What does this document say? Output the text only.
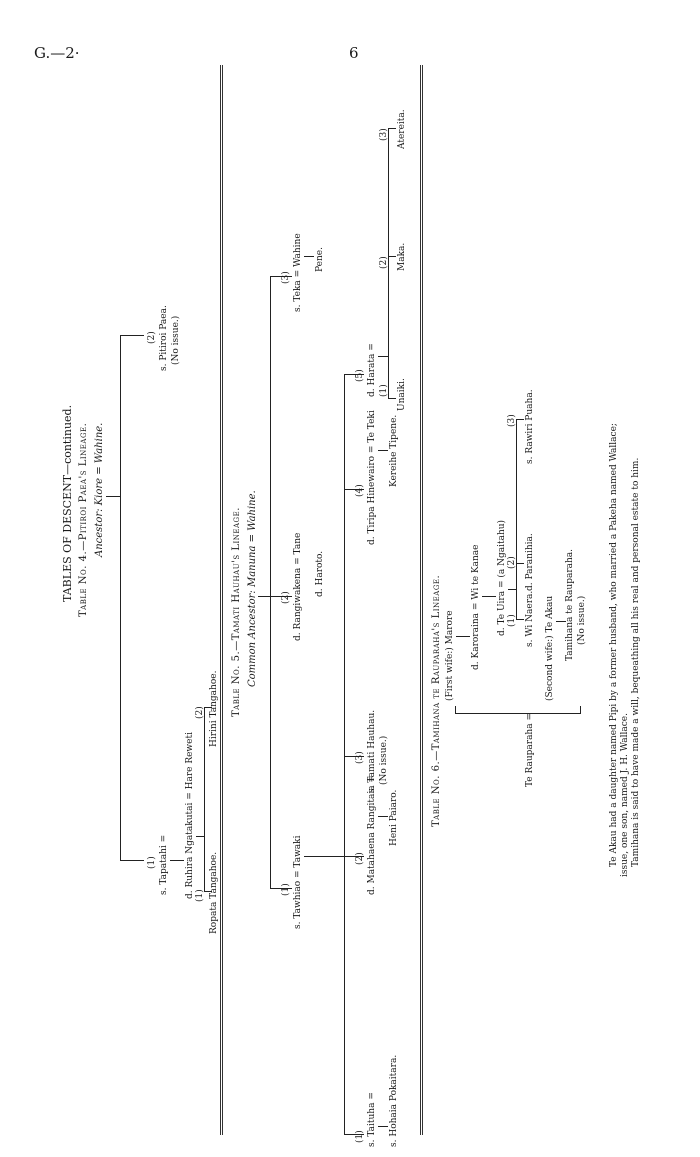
G.—2·	6
TABLES OF DESCENT—continued. Table No. 4.—Pitiroi Paea's Lineage. Ancestor: Kiore = Wahine.
(1) s. Tapatahi =
(2) s. Pitiroi Paea. (No issue.)
d. Ruhira Ngatakutai = Hare Reweti (1)
(2)
Ropata Tangahoe.
Hirini Tangahoe. Table No. 5.—Tamati Hauhau's Lineage. Common Ancestor: Manuna = Wahine.
(1) s. Tawhiao = Tawaki
(2) d. Rangiwakena = Tane d. Haroto.
(3) s. Teka = Wahine Pene.
(1) s. Taituha = s. Hohaia Pokaitara.
(2) d. Matahaena Rangitaia = Heni Paiaro.
(3) s. Tamati Hauhau. (No issue.)
(4) d. Tiripa Hinewairo = Te Teki Kereihe Tipene.
(5) d. Harata = (1)
(2)
(3)
Unaiki.
Maka.
Atereita.
Table No. 6.—Tamihana te Rauparaha's Lineage.	Te Rauparaha =
(First wife:) Marore d. Karoraina = Wi te Kanae d. Te Uira = (a Ngaitahu) (1)
(2)
(3)
s. Wi Naera.
d. Paranihia.
s. Rawiri Puaha.
(Second wife:) Te Akau Tamihana te Rauparaha. (No issue.) Te Akau had a daughter named Pipi by a former husband, who married a Pakeha named Wallace; issue, one son, named J. H. Wallace. Tamihana is said to have made a will, bequeathing all his real and personal estate to him.
